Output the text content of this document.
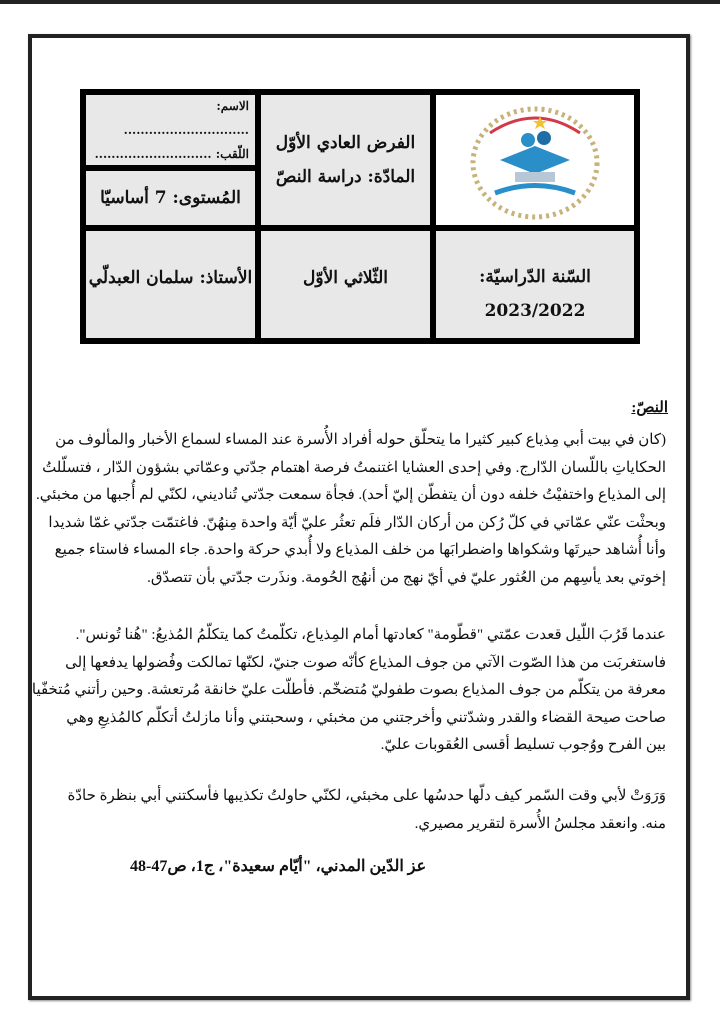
الفرض العادي الأوّل
المادّة: دراسة النصّ
الاسم: ..............................
اللّقب: ............................
المُستوى: 7 أساسيّا
السّنة الدّراسيّة:
2023/2022
الثّلاثي الأوّل
الأستاذ: سلمان العبدلّي
النصّ:
(كان في بيت أبي مِذياع كبير كثيرا ما يتحلّق حوله أفراد الأُسرة عند المساء لسماع الأخبار والمألوف من
الحكاياتِ باللّسان الدّارج. وفي إحدى العشايا اغتنمتُ فرصة اهتمام جدّتي وعمّاتي بشؤون الدّار ، فتسلّلتُ
إلى المذياع واختفيْتُ خلفه دون أن يتفطّن إليّ أحد). فجأة سمعت جدّتي تُناديني، لكنّي لم أُجبها من مخبئي.
وبحثْت عنّي عمّاتي في كلّ رُكن من أركان الدّار فلَم تعثُر عليّ أيّة واحدة مِنهُنّ. فاغتمّت جدّتي غمّا شديدا
وأنا أُشاهد حيرتَها وشكواها واضطرابَها من خلف المذياع ولا أُبدي حركة واحدة. جاء المساء فاستاء جميع
إخوتي بعد يأسِهم من العُثور عليّ في أيّ نهج من أنهُج الحُومة. ونذَرت جدّتي بأن تتصدّق.
عندما قَرُبَ اللّيل قعدت عمّتي "قطّومة" كعادتها أمام المِذياع، تكلّمتُ كما يتكلّمُ المُذيعُ: "هُنا تُونس".
فاستغربَت من هذا الصّوت الآتي من جوف المذياع كأنّه صوت جنيّ، لكنّها تمالكت وفُضولها يدفعها إلى
معرفة من يتكلّم من جوف المذياع بصوت طفوليّ مُتضخّم. فأطلّت عليّ خانقة مُرتعشة. وحين رأتني مُتخفّيا
صاحت صيحة القضاء والقدر وشدّتني وأخرجتني من مخبئي ، وسحبتني وأنا مازلتُ أتكلّم كالمُذيعِ وهي
بين الفرح ووُجوب تسليط أقسى العُقوبات عليّ.
وَرَوَتْ لأبي وقت السّمر كيف دلّها حدسُها على مخبئي، لكنّي حاولتُ تكذيبها فأسكتني أبي بنظرة حادّة
منه. وانعقد مجلسُ الأُسرة لتقرير مصيري.
عز الدّين المدني، "أيّام سعيدة"، ج1، ص47-48
